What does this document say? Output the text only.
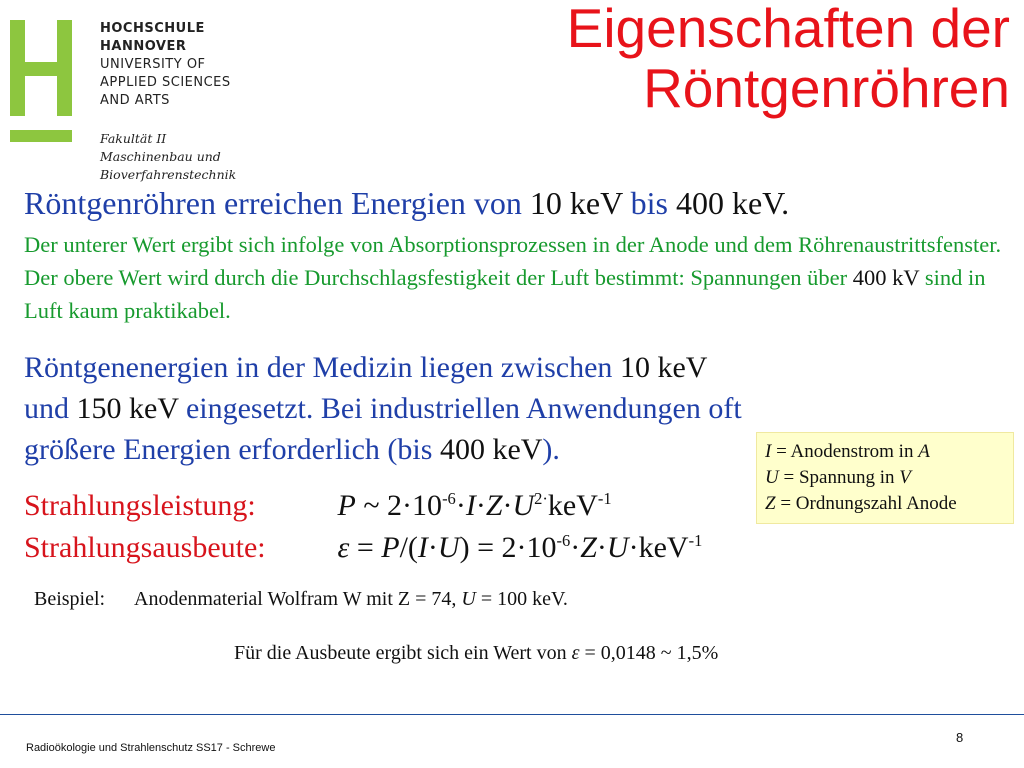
HOCHSCHULE
HANNOVER
UNIVERSITY OF
APPLIED SCIENCES
AND ARTS
Fakultät II
Maschinenbau und
Bioverfahrenstechnik
Eigenschaften der
Röntgenröhren
Röntgenröhren erreichen Energien von 10 keV bis 400 keV.
Der unterer Wert ergibt sich infolge von Absorptionsprozessen in der Anode und dem Röhrenaustrittsfenster. Der obere Wert wird durch die Durchschlagsfestigkeit der Luft bestimmt: Spannungen über 400 kV sind in Luft kaum praktikabel.
Röntgenenergien in der Medizin liegen zwischen 10 keV und 150 keV eingesetzt. Bei industriellen Anwendungen oft größere Energien erforderlich (bis 400 keV).	I = Anodenstrom in A
U = Spannung in V
Z = Ordnungszahl Anode
Strahlungsleistung:	P ~ $2\cdot 10^{-6}\cdot I\cdot Z\cdot U^{2\cdot}keV^{-1}$
Strahlungsausbeute: $\varepsilon = P/(I\cdot U) = 2\cdot 10^{-6}\cdot Z\cdot U\cdot keV^{-1}$
Beispiel: Anodenmaterial Wolfram W mit Z = 74, U = 100 keV.
Für die Ausbeute ergibt sich ein Wert von ε = 0,0148 ~ 1,5%
Radioökologie und Strahlenschutz SS17 - Schrewe
8
